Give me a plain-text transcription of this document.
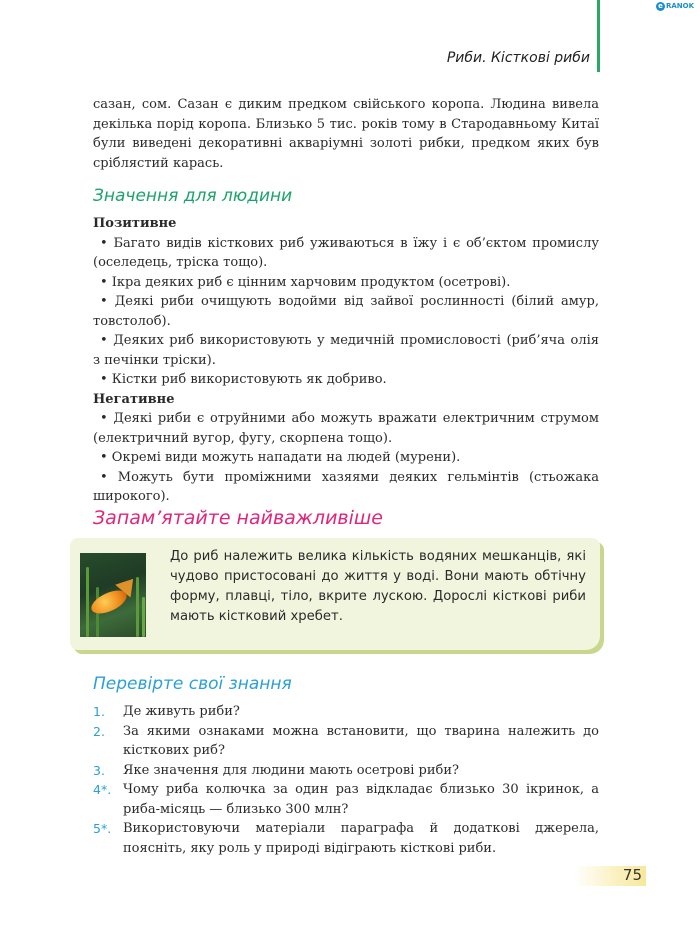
e RANOK
Риби. Кісткові риби

сазан, сом. Сазан є диким предком свійського коропа. Людина вивела декілька порід коропа. Близько 5 тис. років тому в Стародавньому Китаї були виведені декоративні акваріумні золоті рибки, предком яких був сріблястий карась.

Значення для людини
Позитивне
• Багато видів кісткових риб уживаються в їжу і є об’єктом промислу (оселедець, тріска тощо).
• Ікра деяких риб є цінним харчовим продуктом (осетрові).
• Деякі риби очищують водойми від зайвої рослинності (білий амур, товстолоб).
• Деяких риб використовують у медичній промисловості (риб’яча олія з печінки тріски).
• Кістки риб використовують як добриво.
Негативне
• Деякі риби є отруйними або можуть вражати електричним струмом (електричний вугор, фугу, скорпена тощо).
• Окремі види можуть нападати на людей (мурени).
• Можуть бути проміжними хазяями деяких гельмінтів (стьожака широкого).
Запам’ятайте найважливіше

До риб належить велика кількість водяних мешканців, які чудово пристосовані до життя у воді. Вони мають обтічну форму, плавці, тіло, вкрите лускою. Дорослі кісткові риби мають кістковий хребет.

Перевірте свої знання
1. Де живуть риби?
2. За якими ознаками можна встановити, що тварина належить до кісткових риб?
3. Яке значення для людини мають осетрові риби?
4*. Чому риба колючка за один раз відкладає близько 30 ікринок, а риба-місяць — близько 300 млн?
5*. Використовуючи матеріали параграфа й додаткові джерела, поясніть, яку роль у природі відіграють кісткові риби.
75
